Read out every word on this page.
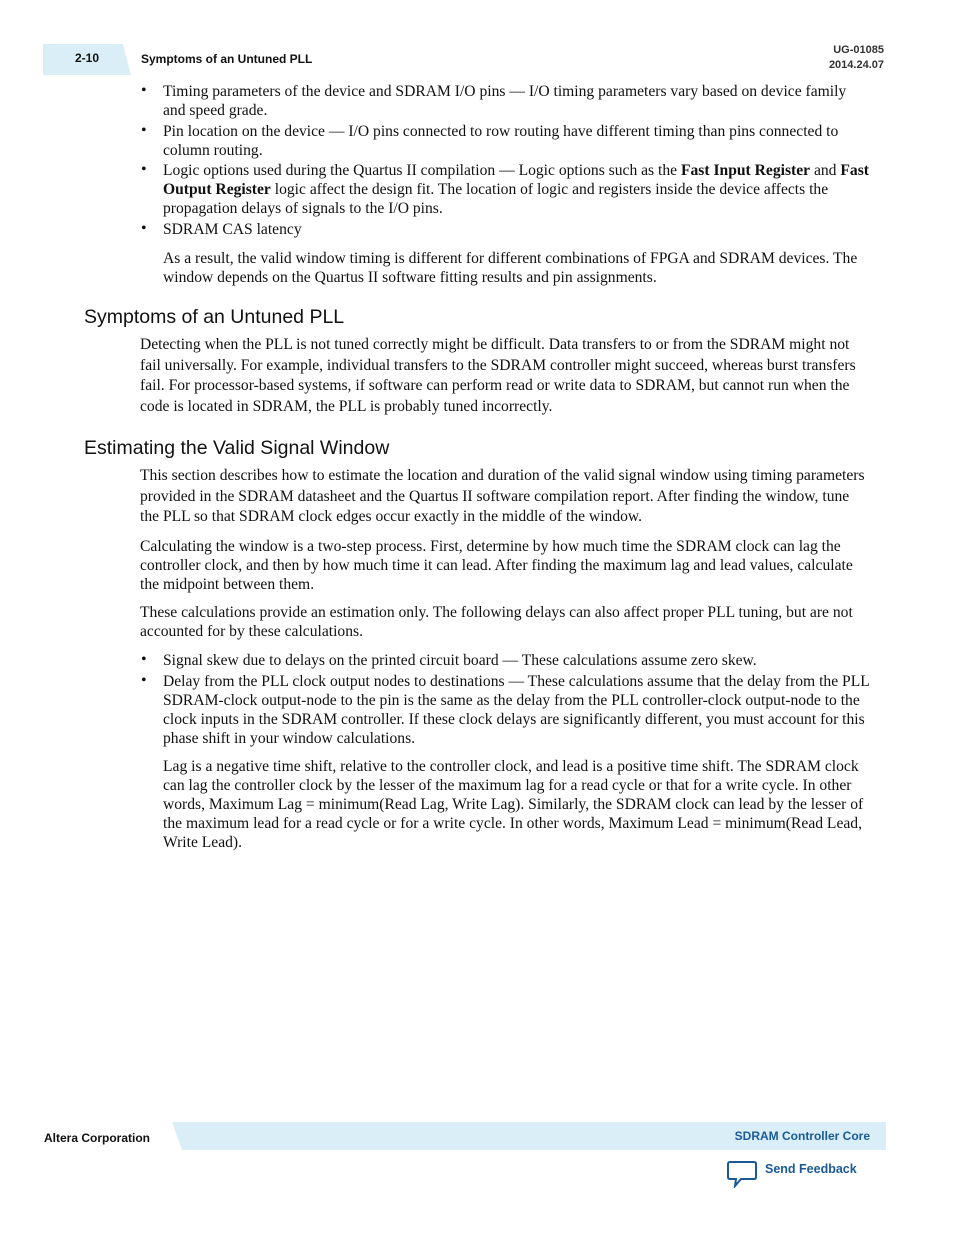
2-10	Symptoms of an Untuned PLL
UG-01085
2014.24.07
• Timing parameters of the device and SDRAM I/O pins — I/O timing parameters vary based on device family and speed grade.

• Pin location on the device — I/O pins connected to row routing have different timing than pins connected to column routing.

• Logic options used during the Quartus II compilation — Logic options such as the Fast Input Register and Fast Output Register logic affect the design fit. The location of logic and registers inside the device affects the propagation delays of signals to the I/O pins.

• SDRAM CAS latency

As a result, the valid window timing is different for different combinations of FPGA and SDRAM devices. The window depends on the Quartus II software fitting results and pin assignments.

Symptoms of an Untuned PLL

Detecting when the PLL is not tuned correctly might be difficult. Data transfers to or from the SDRAM might not fail universally. For example, individual transfers to the SDRAM controller might succeed, whereas burst transfers fail. For processor-based systems, if software can perform read or write data to SDRAM, but cannot run when the code is located in SDRAM, the PLL is probably tuned incorrectly.

Estimating the Valid Signal Window

This section describes how to estimate the location and duration of the valid signal window using timing parameters provided in the SDRAM datasheet and the Quartus II software compilation report. After finding the window, tune the PLL so that SDRAM clock edges occur exactly in the middle of the window.

Calculating the window is a two-step process. First, determine by how much time the SDRAM clock can lag the controller clock, and then by how much time it can lead. After finding the maximum lag and lead values, calculate the midpoint between them.

These calculations provide an estimation only. The following delays can also affect proper PLL tuning, but are not accounted for by these calculations.

• Signal skew due to delays on the printed circuit board — These calculations assume zero skew.

• Delay from the PLL clock output nodes to destinations — These calculations assume that the delay from the PLL SDRAM-clock output-node to the pin is the same as the delay from the PLL controller-clock output-node to the clock inputs in the SDRAM controller. If these clock delays are significantly different, you must account for this phase shift in your window calculations.

Lag is a negative time shift, relative to the controller clock, and lead is a positive time shift. The SDRAM clock can lag the controller clock by the lesser of the maximum lag for a read cycle or that for a write cycle. In other words, Maximum Lag = minimum(Read Lag, Write Lag). Similarly, the SDRAM clock can lead by the lesser of the maximum lead for a read cycle or for a write cycle. In other words, Maximum Lead = minimum(Read Lead, Write Lead).

Altera Corporation	SDRAM Controller Core
Send Feedback
